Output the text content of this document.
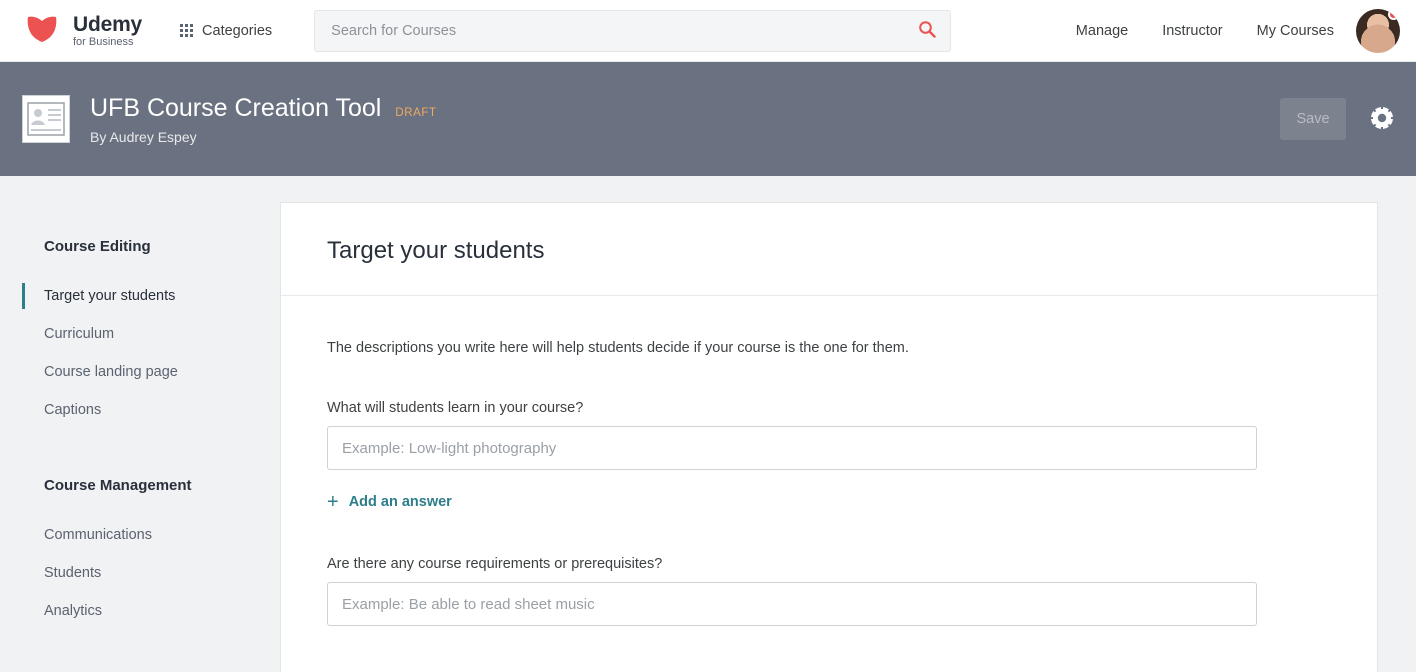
Udemy
for Business
Categories
Search for Courses	Manage Instructor My Courses
UFB Course Creation Tool DRAFT
By Audrey Espey
Save
Course Editing
Target your students
Curriculum
Course landing page
Captions
Course Management
Communications
Students
Analytics
Target your students
The descriptions you write here will help students decide if your course is the one for them.
What will students learn in your course?
Example: Low-light photography
+ Add an answer
Are there any course requirements or prerequisites?
Example: Be able to read sheet music
